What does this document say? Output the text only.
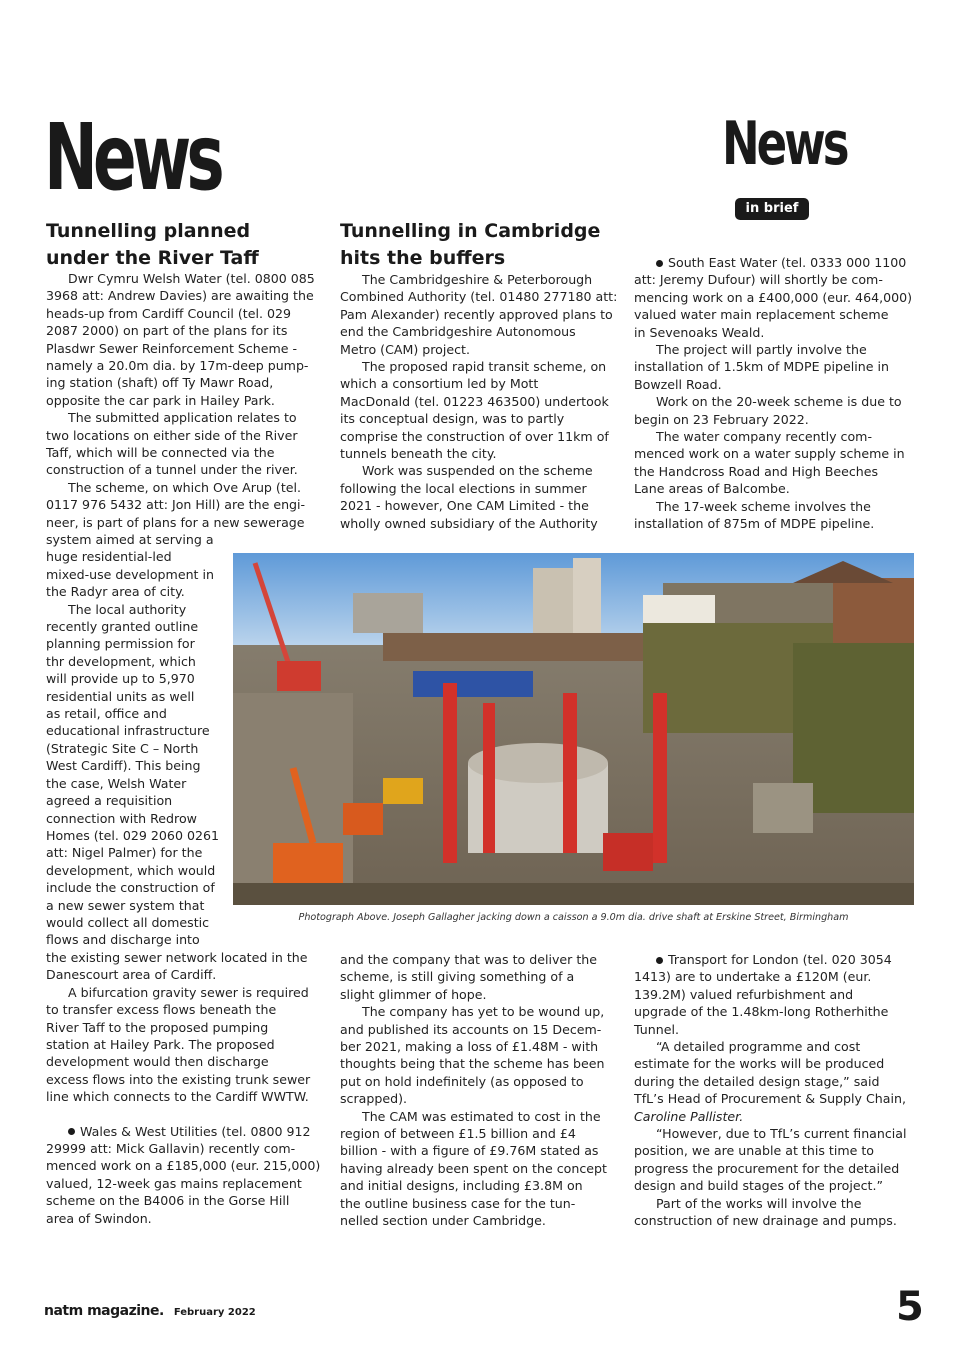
News	News
in brief
Tunnelling planned
under the River Taff
Tunnelling in Cambridge
hits the buffers

Dwr Cymru Welsh Water (tel. 0800 085

3968 att: Andrew Davies) are awaiting the

heads-up from Cardiff Council (tel. 029

2087 2000) on part of the plans for its

Plasdwr Sewer Reinforcement Scheme -

namely a 20.0m dia. by 17m-deep pump-

ing station (shaft) off Ty Mawr Road,

opposite the car park in Hailey Park.

The submitted application relates to

two locations on either side of the River

Taff, which will be connected via the

construction of a tunnel under the river.

The scheme, on which Ove Arup (tel.

0117 976 5432 att: Jon Hill) are the engi-

neer, is part of plans for a new sewerage

system aimed at serving a

huge residential-led

mixed-use development in

the Radyr area of city.

The local authority

recently granted outline

planning permission for

thr development, which

will provide up to 5,970

residential units as well

as retail, office and

educational infrastructure

(Strategic Site C – North

West Cardiff). This being

the case, Welsh Water

agreed a requisition

connection with Redrow

Homes (tel. 029 2060 0261

att: Nigel Palmer) for the

development, which would

include the construction of

a new sewer system that

would collect all domestic

flows and discharge into

the existing sewer network located in the

Danescourt area of Cardiff.

A bifurcation gravity sewer is required

to transfer excess flows beneath the

River Taff to the proposed pumping

station at Hailey Park. The proposed

development would then discharge

excess flows into the existing trunk sewer

line which connects to the Cardiff WWTW.

Wales & West Utilities (tel. 0800 912

29999 att: Mick Gallavin) recently com-

menced work on a £185,000 (eur. 215,000)

valued, 12-week gas mains replacement

scheme on the B4006 in the Gorse Hill

area of Swindon.

The Cambridgeshire & Peterborough

Combined Authority (tel. 01480 277180 att:

Pam Alexander) recently approved plans to

end the Cambridgeshire Autonomous

Metro (CAM) project.

The proposed rapid transit scheme, on

which a consortium led by Mott

MacDonald (tel. 01223 463500) undertook

its conceptual design, was to partly

comprise the construction of over 11km of

tunnels beneath the city.

Work was suspended on the scheme

following the local elections in summer

2021 - however, One CAM Limited - the

wholly owned subsidiary of the Authority

and the company that was to deliver the

scheme, is still giving something of a

slight glimmer of hope.

The company has yet to be wound up,

and published its accounts on 15 Decem-

ber 2021, making a loss of £1.48M - with

thoughts being that the scheme has been

put on hold indefinitely (as opposed to

scrapped).

The CAM was estimated to cost in the

region of between £1.5 billion and £4

billion - with a figure of £9.76M stated as

having already been spent on the concept

and initial designs, including £3.8M on

the outline business case for the tun-

nelled section under Cambridge.

South East Water (tel. 0333 000 1100

att: Jeremy Dufour) will shortly be com-

mencing work on a £400,000 (eur. 464,000)

valued water main replacement scheme

in Sevenoaks Weald.

The project will partly involve the

installation of 1.5km of MDPE pipeline in

Bowzell Road.

Work on the 20-week scheme is due to

begin on 23 February 2022.

The water company recently com-

menced work on a water supply scheme in

the Handcross Road and High Beeches

Lane areas of Balcombe.

The 17-week scheme involves the

installation of 875m of MDPE pipeline.

Transport for London (tel. 020 3054

1413) are to undertake a £120M (eur.

139.2M) valued refurbishment and

upgrade of the 1.48km-long Rotherhithe

Tunnel.

“A detailed programme and cost

estimate for the works will be produced

during the detailed design stage,” said

TfL’s Head of Procurement & Supply Chain,

Caroline Pallister.

“However, due to TfL’s current financial

position, we are unable at this time to

progress the procurement for the detailed

design and build stages of the project.”

Part of the works will involve the

construction of new drainage and pumps.

Photograph Above. Joseph Gallagher jacking down a caisson a 9.0m dia. drive shaft at Erskine Street, Birmingham
natm magazine. February 2022	5
